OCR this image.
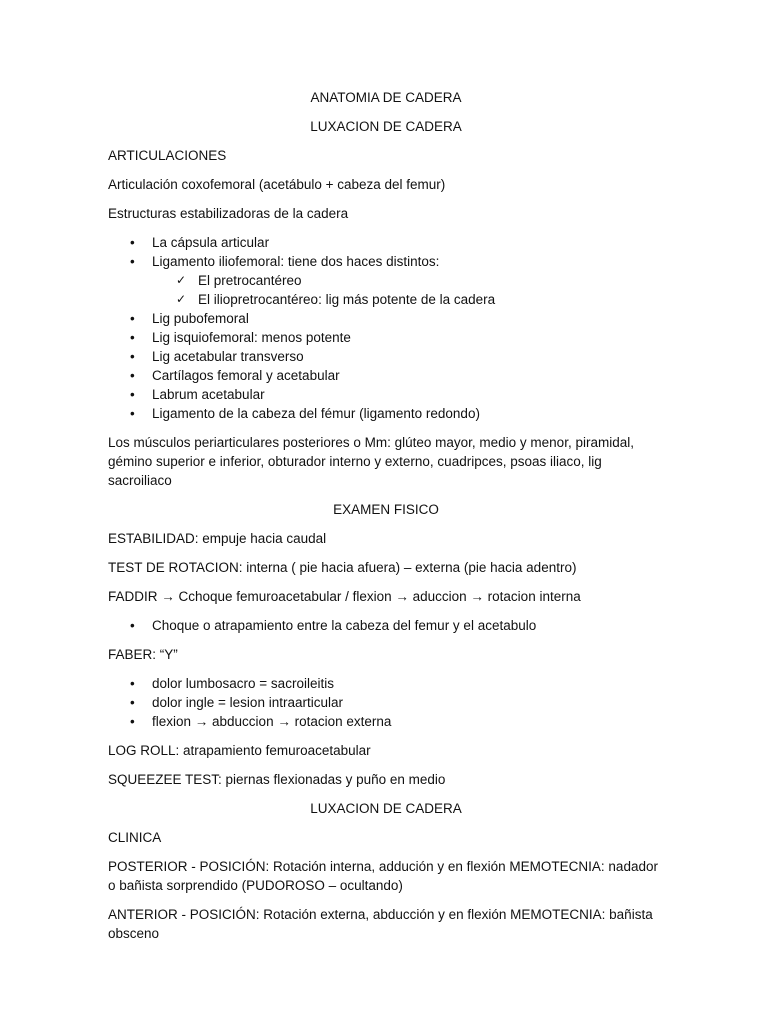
ANATOMIA DE CADERA

LUXACION DE CADERA

ARTICULACIONES

Articulación coxofemoral (acetábulo + cabeza del femur)

Estructuras estabilizadoras de la cadera

• La cápsula articular
• Ligamento iliofemoral: tiene dos haces distintos:
✓ El pretrocantéreo
✓ El iliopretrocantéreo: lig más potente de la cadera
• Lig pubofemoral
• Lig isquiofemoral: menos potente
• Lig acetabular transverso
• Cartílagos femoral y acetabular
• Labrum acetabular
• Ligamento de la cabeza del fémur (ligamento redondo)

Los músculos periarticulares posteriores o Mm: glúteo mayor, medio y menor, piramidal, gémino superior e inferior, obturador interno y externo, cuadripces, psoas iliaco, lig sacroiliaco

EXAMEN FISICO

ESTABILIDAD: empuje hacia caudal

TEST DE ROTACION: interna ( pie hacia afuera) – externa (pie hacia adentro)

FADDIR → Cchoque femuroacetabular / flexion → aduccion → rotacion interna

• Choque o atrapamiento entre la cabeza del femur y el acetabulo

FABER: “Y”

• dolor lumbosacro = sacroileitis
• dolor ingle = lesion intraarticular
• flexion → abduccion → rotacion externa

LOG ROLL: atrapamiento femuroacetabular

SQUEEZEE TEST: piernas flexionadas y puño en medio

LUXACION DE CADERA

CLINICA

POSTERIOR - POSICIÓN: Rotación interna, addución y en flexión MEMOTECNIA: nadador o bañista sorprendido (PUDOROSO – ocultando)

ANTERIOR - POSICIÓN: Rotación externa, abducción y en flexión MEMOTECNIA: bañista obsceno
